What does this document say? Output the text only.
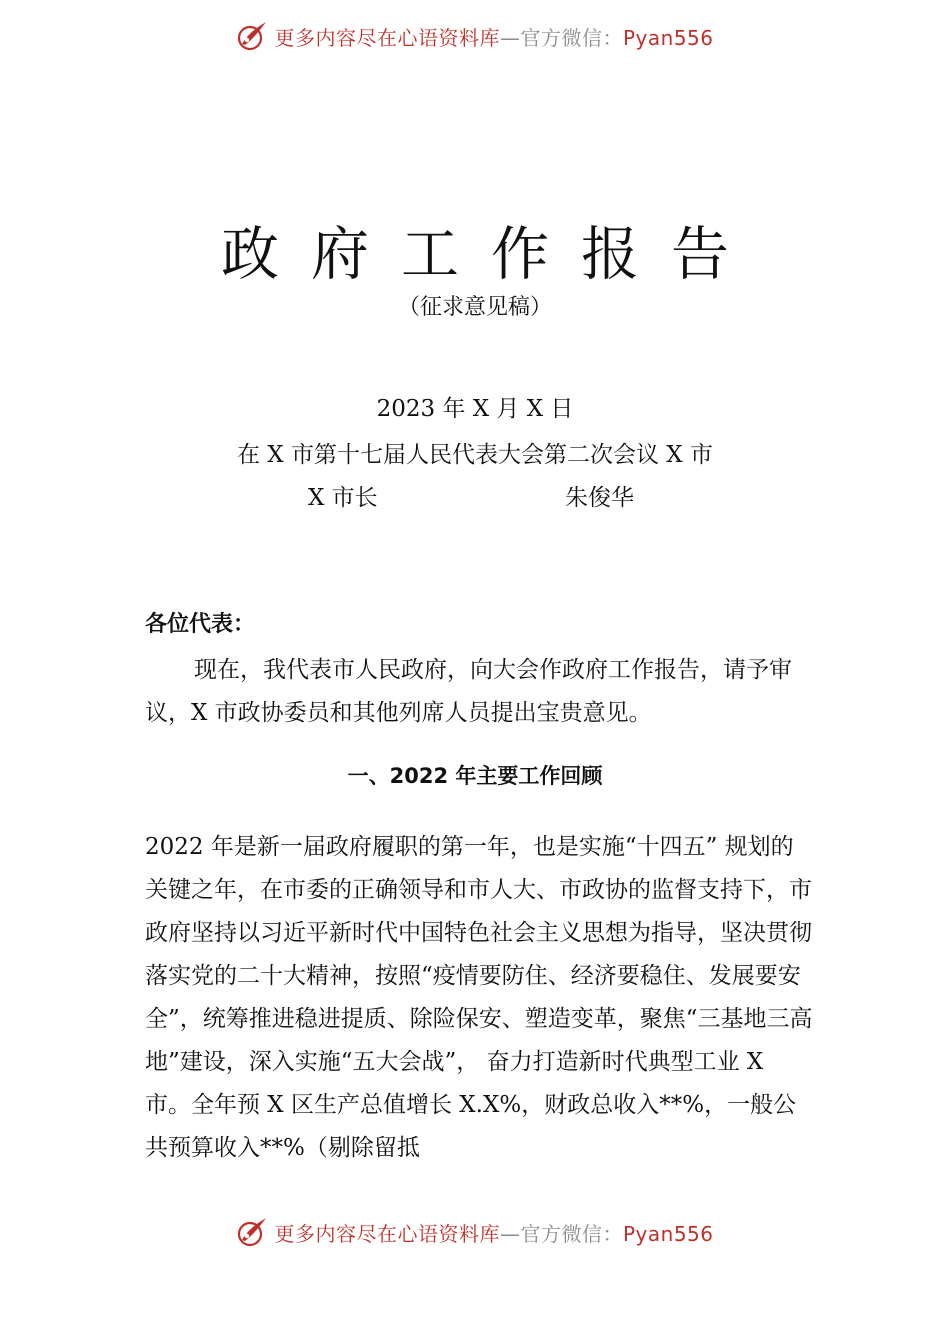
更多内容尽在心语资料库—官方微信：Pyan556
政府工作报告
（征求意见稿）
2023 年 X 月 X 日
在 X 市第十七届人民代表大会第二次会议 X 市
X 市长	朱俊华
各位代表：

现在，我代表市人民政府，向大会作政府工作报告，请予审议，X 市政协委员和其他列席人员提出宝贵意见。

一、2022 年主要工作回顾

2022 年是新一届政府履职的第一年，也是实施“十四五” 规划的关键之年，在市委的正确领导和市人大、市政协的监督支持下，市政府坚持以习近平新时代中国特色社会主义思想为指导，坚决贯彻落实党的二十大精神，按照“疫情要防住、经济要稳住、发展要安全”，统筹推进稳进提质、除险保安、塑造变革，聚焦“三基地三高地”建设，深入实施“五大会战”， 奋力打造新时代典型工业 X 市。全年预 X 区生产总值增长 X.X%，财政总收入**%，一般公共预算收入**%（剔除留抵

更多内容尽在心语资料库—官方微信：Pyan556
